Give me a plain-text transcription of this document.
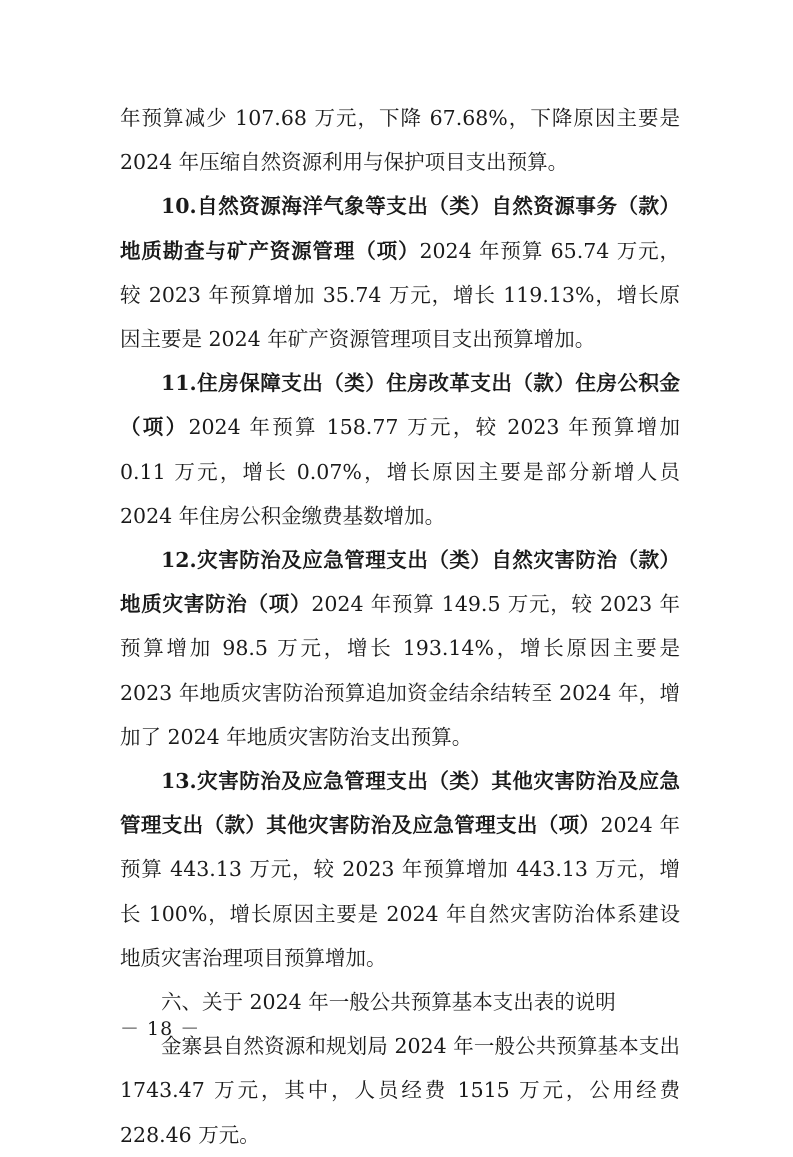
年预算减少 107.68 万元，下降 67.68%，下降原因主要是 2024 年压缩自然资源利用与保护项目支出预算。

10.自然资源海洋气象等支出（类）自然资源事务（款）地质勘查与矿产资源管理（项）2024 年预算 65.74 万元，较 2023 年预算增加 35.74 万元，增长 119.13%，增长原因主要是 2024 年矿产资源管理项目支出预算增加。

11.住房保障支出（类）住房改革支出（款）住房公积金（项）2024 年预算 158.77 万元，较 2023 年预算增加 0.11 万元，增长 0.07%，增长原因主要是部分新增人员 2024 年住房公积金缴费基数增加。

12.灾害防治及应急管理支出（类）自然灾害防治（款）地质灾害防治（项）2024 年预算 149.5 万元，较 2023 年预算增加 98.5 万元，增长 193.14%，增长原因主要是 2023 年地质灾害防治预算追加资金结余结转至 2024 年，增加了 2024 年地质灾害防治支出预算。

13.灾害防治及应急管理支出（类）其他灾害防治及应急管理支出（款）其他灾害防治及应急管理支出（项）2024 年预算 443.13 万元，较 2023 年预算增加 443.13 万元，增长 100%，增长原因主要是 2024 年自然灾害防治体系建设地质灾害治理项目预算增加。

六、关于 2024 年一般公共预算基本支出表的说明

金寨县自然资源和规划局 2024 年一般公共预算基本支出 1743.47 万元，其中，人员经费 1515 万元，公用经费 228.46 万元。

－ 18 －
